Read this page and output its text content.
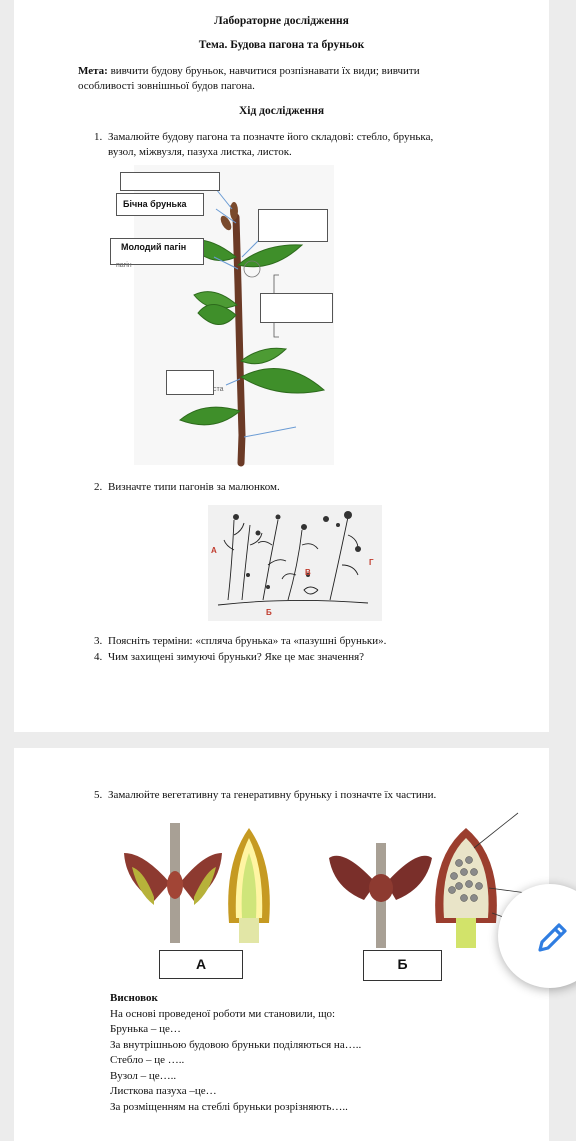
Лабораторне дослідження
Тема. Будова пагона та бруньок
Мета: вивчити будову бруньок, навчитися розпізнавати їх види; вивчити
особливості зовнішньої будов пагона.
Хід дослідження
1. Замалюйте будову пагона та позначте його складові: стебло, брунька,
вузол, міжвузля, пазуха листка, листок.
Бічна брунька
Молодий пагін
пагін
ста
2. Визначте типи пагонів за малюнком.
А
Б
В
Г
3. Поясніть терміни: «спляча брунька» та «пазушні бруньки».
4. Чим захищені зимуючі бруньки? Яке це має значення?
5. Замалюйте вегетативну та генеративну бруньку і позначте їх частини.
А	Б
Висновок
На основі проведеної роботи ми становили, що:
Брунька – це…
За внутрішньою будовою бруньки поділяються на…..
Стебло – це …..
Вузол – це…..
Листкова пазуха –це…
За розміщенням на стеблі бруньки розрізняють…..
